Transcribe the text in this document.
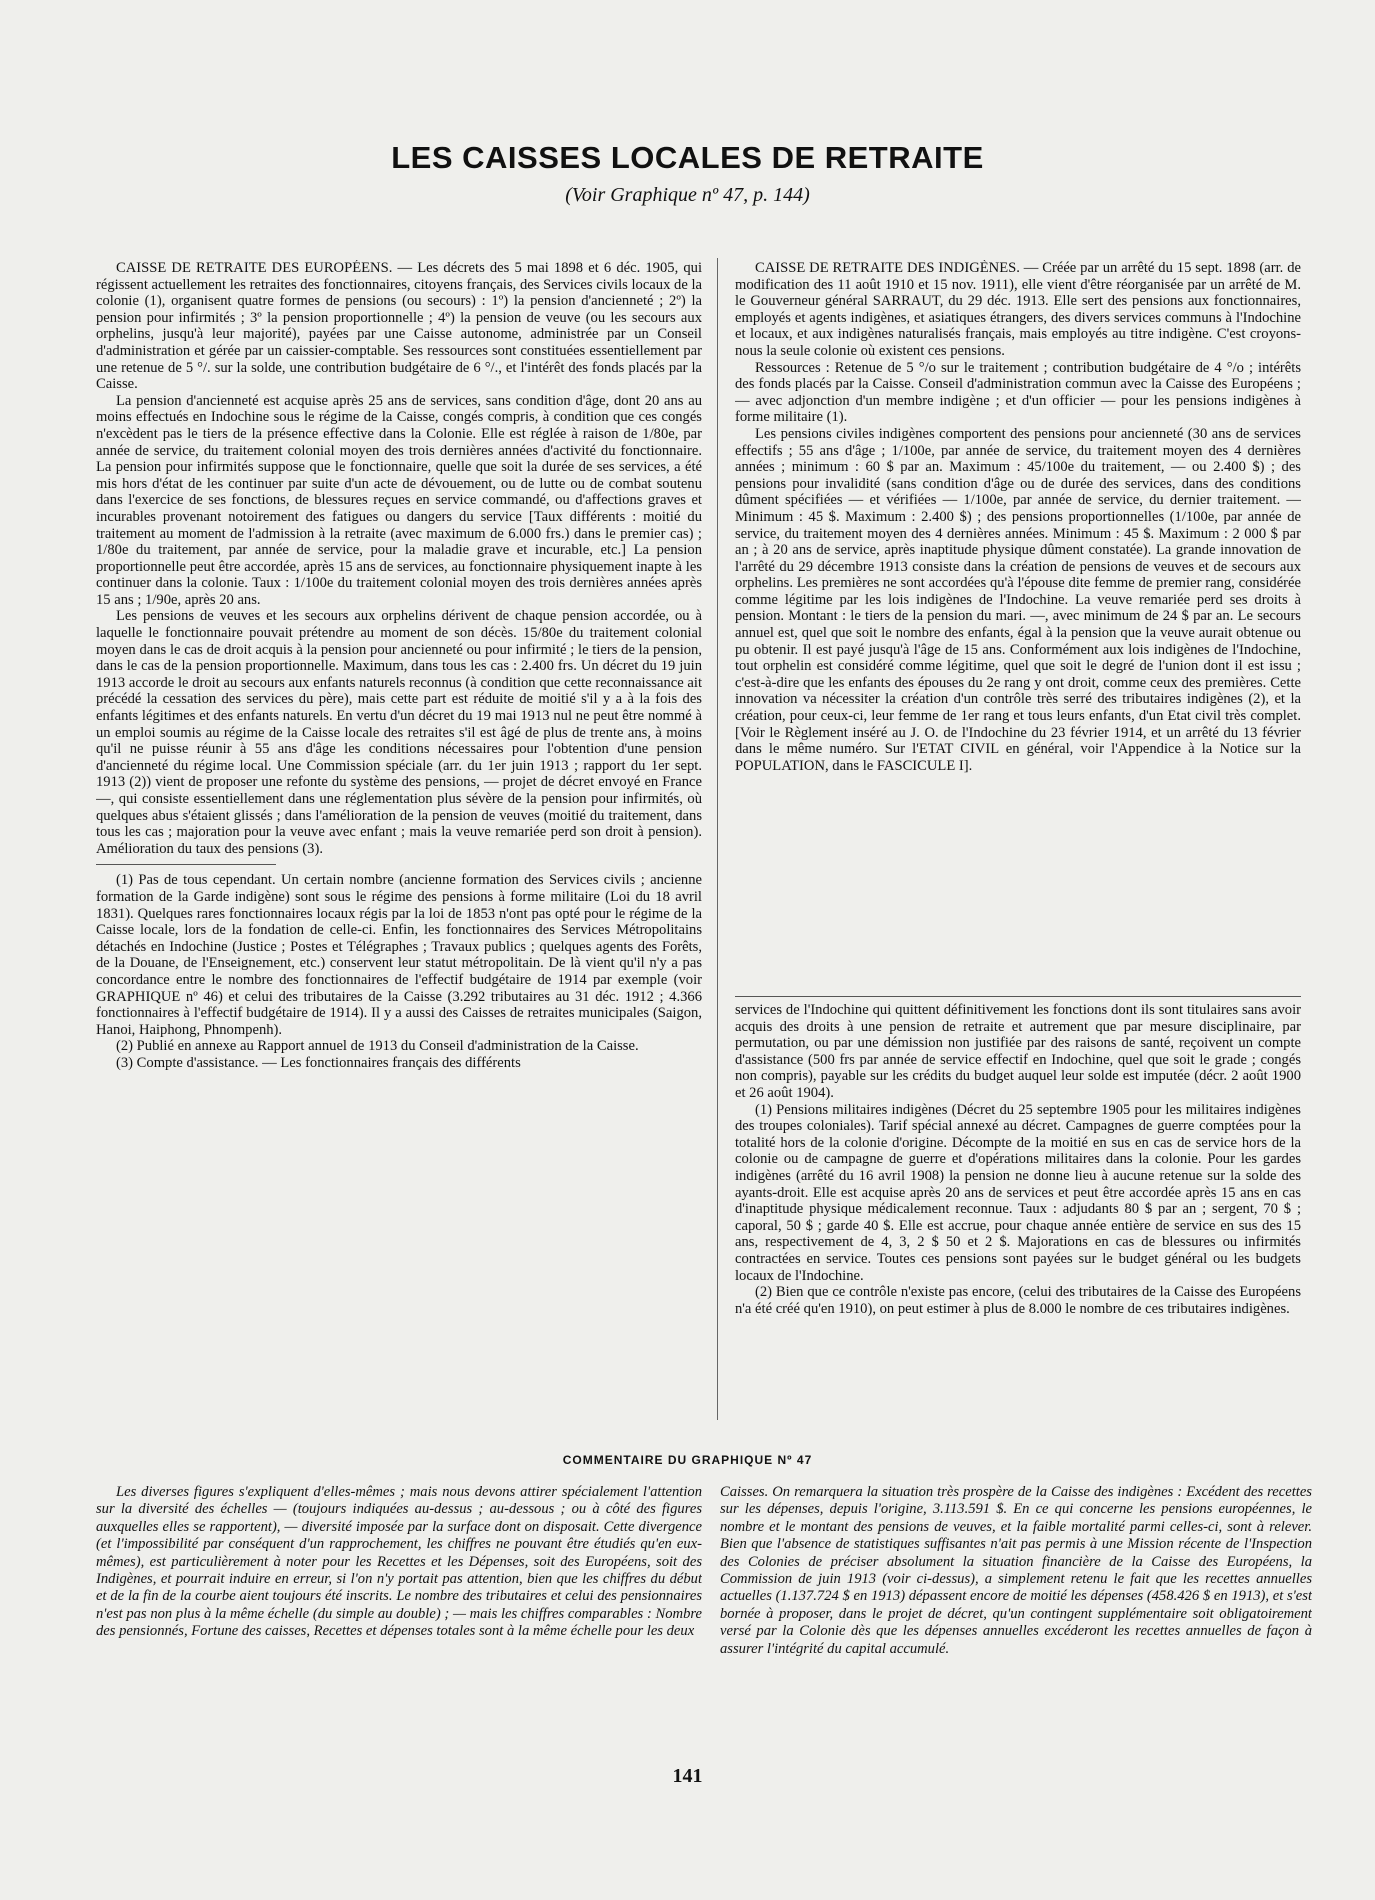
LES CAISSES LOCALES DE RETRAITE

(Voir Graphique nº 47, p. 144)

CAISSE DE RETRAITE DES EUROPÉENS. — Les décrets des 5 mai 1898 et 6 déc. 1905, qui régissent actuellement les retraites des fonctionnaires, citoyens français, des Services civils locaux de la colonie (1), organisent quatre formes de pensions (ou secours) : 1º) la pension d'ancienneté ; 2º) la pension pour infirmités ; 3º la pension proportionnelle ; 4º) la pension de veuve (ou les secours aux orphelins, jusqu'à leur majorité), payées par une Caisse autonome, administrée par un Conseil d'administration et gérée par un caissier-comptable. Ses ressources sont constituées essentiellement par une retenue de 5 °/. sur la solde, une contribution budgétaire de 6 °/., et l'intérêt des fonds placés par la Caisse.

La pension d'ancienneté est acquise après 25 ans de services, sans condition d'âge, dont 20 ans au moins effectués en Indochine sous le régime de la Caisse, congés compris, à condition que ces congés n'excèdent pas le tiers de la présence effective dans la Colonie. Elle est réglée à raison de 1/80e, par année de service, du traitement colonial moyen des trois dernières années d'activité du fonctionnaire. La pension pour infirmités suppose que le fonctionnaire, quelle que soit la durée de ses services, a été mis hors d'état de les continuer par suite d'un acte de dévouement, ou de lutte ou de combat soutenu dans l'exercice de ses fonctions, de blessures reçues en service commandé, ou d'affections graves et incurables provenant notoirement des fatigues ou dangers du service [Taux différents : moitié du traitement au moment de l'admission à la retraite (avec maximum de 6.000 frs.) dans le premier cas) ; 1/80e du traitement, par année de service, pour la maladie grave et incurable, etc.] La pension proportionnelle peut être accordée, après 15 ans de services, au fonctionnaire physiquement inapte à les continuer dans la colonie. Taux : 1/100e du traitement colonial moyen des trois dernières années après 15 ans ; 1/90e, après 20 ans.

Les pensions de veuves et les secours aux orphelins dérivent de chaque pension accordée, ou à laquelle le fonctionnaire pouvait prétendre au moment de son décès. 15/80e du traitement colonial moyen dans le cas de droit acquis à la pension pour ancienneté ou pour infirmité ; le tiers de la pension, dans le cas de la pension proportionnelle. Maximum, dans tous les cas : 2.400 frs. Un décret du 19 juin 1913 accorde le droit au secours aux enfants naturels reconnus (à condition que cette reconnaissance ait précédé la cessation des services du père), mais cette part est réduite de moitié s'il y a à la fois des enfants légitimes et des enfants naturels. En vertu d'un décret du 19 mai 1913 nul ne peut être nommé à un emploi soumis au régime de la Caisse locale des retraites s'il est âgé de plus de trente ans, à moins qu'il ne puisse réunir à 55 ans d'âge les conditions nécessaires pour l'obtention d'une pension d'ancienneté du régime local. Une Commission spéciale (arr. du 1er juin 1913 ; rapport du 1er sept. 1913 (2)) vient de proposer une refonte du système des pensions, — projet de décret envoyé en France —, qui consiste essentiellement dans une réglementation plus sévère de la pension pour infirmités, où quelques abus s'étaient glissés ; dans l'amélioration de la pension de veuves (moitié du traitement, dans tous les cas ; majoration pour la veuve avec enfant ; mais la veuve remariée perd son droit à pension). Amélioration du taux des pensions (3).

(1) Pas de tous cependant. Un certain nombre (ancienne formation des Services civils ; ancienne formation de la Garde indigène) sont sous le régime des pensions à forme militaire (Loi du 18 avril 1831). Quelques rares fonctionnaires locaux régis par la loi de 1853 n'ont pas opté pour le régime de la Caisse locale, lors de la fondation de celle-ci. Enfin, les fonctionnaires des Services Métropolitains détachés en Indochine (Justice ; Postes et Télégraphes ; Travaux publics ; quelques agents des Forêts, de la Douane, de l'Enseignement, etc.) conservent leur statut métropolitain. De là vient qu'il n'y a pas concordance entre le nombre des fonctionnaires de l'effectif budgétaire de 1914 par exemple (voir GRAPHIQUE nº 46) et celui des tributaires de la Caisse (3.292 tributaires au 31 déc. 1912 ; 4.366 fonctionnaires à l'effectif budgétaire de 1914). Il y a aussi des Caisses de retraites municipales (Saigon, Hanoi, Haiphong, Phnompenh).

(2) Publié en annexe au Rapport annuel de 1913 du Conseil d'administration de la Caisse.

(3) Compte d'assistance. — Les fonctionnaires français des différents

CAISSE DE RETRAITE DES INDIGÈNES. — Créée par un arrêté du 15 sept. 1898 (arr. de modification des 11 août 1910 et 15 nov. 1911), elle vient d'être réorganisée par un arrêté de M. le Gouverneur général SARRAUT, du 29 déc. 1913. Elle sert des pensions aux fonctionnaires, employés et agents indigènes, et asiatiques étrangers, des divers services communs à l'Indochine et locaux, et aux indigènes naturalisés français, mais employés au titre indigène. C'est croyons-nous la seule colonie où existent ces pensions.

Ressources : Retenue de 5 °/o sur le traitement ; contribution budgétaire de 4 °/o ; intérêts des fonds placés par la Caisse. Conseil d'administration commun avec la Caisse des Européens ; — avec adjonction d'un membre indigène ; et d'un officier — pour les pensions indigènes à forme militaire (1).

Les pensions civiles indigènes comportent des pensions pour ancienneté (30 ans de services effectifs ; 55 ans d'âge ; 1/100e, par année de service, du traitement moyen des 4 dernières années ; minimum : 60 $ par an. Maximum : 45/100e du traitement, — ou 2.400 $) ; des pensions pour invalidité (sans condition d'âge ou de durée des services, dans des conditions dûment spécifiées — et vérifiées — 1/100e, par année de service, du dernier traitement. — Minimum : 45 $. Maximum : 2.400 $) ; des pensions proportionnelles (1/100e, par année de service, du traitement moyen des 4 dernières années. Minimum : 45 $. Maximum : 2 000 $ par an ; à 20 ans de service, après inaptitude physique dûment constatée). La grande innovation de l'arrêté du 29 décembre 1913 consiste dans la création de pensions de veuves et de secours aux orphelins. Les premières ne sont accordées qu'à l'épouse dite femme de premier rang, considérée comme légitime par les lois indigènes de l'Indochine. La veuve remariée perd ses droits à pension. Montant : le tiers de la pension du mari. —, avec minimum de 24 $ par an. Le secours annuel est, quel que soit le nombre des enfants, égal à la pension que la veuve aurait obtenue ou pu obtenir. Il est payé jusqu'à l'âge de 15 ans. Conformément aux lois indigènes de l'Indochine, tout orphelin est considéré comme légitime, quel que soit le degré de l'union dont il est issu ; c'est-à-dire que les enfants des épouses du 2e rang y ont droit, comme ceux des premières. Cette innovation va nécessiter la création d'un contrôle très serré des tributaires indigènes (2), et la création, pour ceux-ci, leur femme de 1er rang et tous leurs enfants, d'un Etat civil très complet. [Voir le Règlement inséré au J. O. de l'Indochine du 23 février 1914, et un arrêté du 13 février dans le même numéro. Sur l'ETAT CIVIL en général, voir l'Appendice à la Notice sur la POPULATION, dans le FASCICULE I].

services de l'Indochine qui quittent définitivement les fonctions dont ils sont titulaires sans avoir acquis des droits à une pension de retraite et autrement que par mesure disciplinaire, par permutation, ou par une démission non justifiée par des raisons de santé, reçoivent un compte d'assistance (500 frs par année de service effectif en Indochine, quel que soit le grade ; congés non compris), payable sur les crédits du budget auquel leur solde est imputée (décr. 2 août 1900 et 26 août 1904).

(1) Pensions militaires indigènes (Décret du 25 septembre 1905 pour les militaires indigènes des troupes coloniales). Tarif spécial annexé au décret. Campagnes de guerre comptées pour la totalité hors de la colonie d'origine. Décompte de la moitié en sus en cas de service hors de la colonie ou de campagne de guerre et d'opérations militaires dans la colonie. Pour les gardes indigènes (arrêté du 16 avril 1908) la pension ne donne lieu à aucune retenue sur la solde des ayants-droit. Elle est acquise après 20 ans de services et peut être accordée après 15 ans en cas d'inaptitude physique médicalement reconnue. Taux : adjudants 80 $ par an ; sergent, 70 $ ; caporal, 50 $ ; garde 40 $. Elle est accrue, pour chaque année entière de service en sus des 15 ans, respectivement de 4, 3, 2 $ 50 et 2 $. Majorations en cas de blessures ou infirmités contractées en service. Toutes ces pensions sont payées sur le budget général ou les budgets locaux de l'Indochine.

(2) Bien que ce contrôle n'existe pas encore, (celui des tributaires de la Caisse des Européens n'a été créé qu'en 1910), on peut estimer à plus de 8.000 le nombre de ces tributaires indigènes.

COMMENTAIRE DU GRAPHIQUE Nº 47

Les diverses figures s'expliquent d'elles-mêmes ; mais nous devons attirer spécialement l'attention sur la diversité des échelles — (toujours indiquées au-dessus ; au-dessous ; ou à côté des figures auxquelles elles se rapportent), — diversité imposée par la surface dont on disposait. Cette divergence (et l'impossibilité par conséquent d'un rapprochement, les chiffres ne pouvant être étudiés qu'en eux-mêmes), est particulièrement à noter pour les Recettes et les Dépenses, soit des Européens, soit des Indigènes, et pourrait induire en erreur, si l'on n'y portait pas attention, bien que les chiffres du début et de la fin de la courbe aient toujours été inscrits. Le nombre des tributaires et celui des pensionnaires n'est pas non plus à la même échelle (du simple au double) ; — mais les chiffres comparables : Nombre des pensionnés, Fortune des caisses, Recettes et dépenses totales sont à la même échelle pour les deux

Caisses. On remarquera la situation très prospère de la Caisse des indigènes : Excédent des recettes sur les dépenses, depuis l'origine, 3.113.591 $. En ce qui concerne les pensions européennes, le nombre et le montant des pensions de veuves, et la faible mortalité parmi celles-ci, sont à relever. Bien que l'absence de statistiques suffisantes n'ait pas permis à une Mission récente de l'Inspection des Colonies de préciser absolument la situation financière de la Caisse des Européens, la Commission de juin 1913 (voir ci-dessus), a simplement retenu le fait que les recettes annuelles actuelles (1.137.724 $ en 1913) dépassent encore de moitié les dépenses (458.426 $ en 1913), et s'est bornée à proposer, dans le projet de décret, qu'un contingent supplémentaire soit obligatoirement versé par la Colonie dès que les dépenses annuelles excéderont les recettes annuelles de façon à assurer l'intégrité du capital accumulé.

141
